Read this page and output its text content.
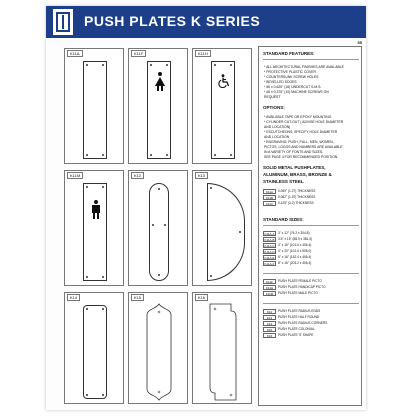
PUSH PLATES K SERIES
55
K11A	K11F	K11H
K11M	K12	K13
K14	K15	K16
STANDARD FEATURES:
* ALL ARCHITECTURAL FINISHES ARE AVAILABLE
* PROTECTIVE PLASTIC COVER
* COUNTERSUNK SCREW HOLES
* BEVELLED EDGES
* #6 x 0.625" (16) UNDERCUT S.M.S.
* #6 x 0.375" (10) MACHINE SCREWS ON
REQUEST
OPTIONS:
* AVAILABLE TAPE OR EPOXY MOUNTING
* CYLINDER CUT-OUT ( ADVISE HOLE DIAMETER
AND LOCATION)
* ESCUTCHEONS, SPECIFY HOLE DIAMETER
AND LOCATION
* ENGRAVING: PUSH, PULL, MEN, WOMEN,
PICTOS, LOGOS AND NUMBERS ARE AVAILABLE
IN A VARIETY OF FONTS AND SIZES.
SEE PAGE 4 FOR RECOMMENDED POSITION.
SOLID METAL PUSHPLATES,
ALUMINUM, BRASS, BRONZE &
STAINLESS STEEL
K11A	0.050" (1.27) THICKNESS
K11B	0.062" (1.57) THICKNESS
K11C	0.125" (3.2) THICKNESS
STANDARD SIZES:
K11A-A	3" x 12" (76.2 x 304.8)
K11A-B	3.5" x 15" (88.9 x 381.0)
K11A-C	4" x 16" (101.6 x 406.4)
K11A-D	4" x 20" (101.6 x 508.0)
K11A-E	6" x 16" (152.4 x 406.4)
K11A-F	8" x 16" (203.2 x 406.4)
K11F	PUSH PLATE FEMALE PICTO
K11H	PUSH PLATE HANDICAP PICTO
K11M	PUSH PLATE MALE PICTO
K12	PUSH PLATE RADIUS ENDS
K13	PUSH PLATE HALF ROUND
K14	PUSH PLATE RADIUS CORNERS
K15	PUSH PLATE COLONIAL
K16	PUSH PLATE 'S' SHAPE
